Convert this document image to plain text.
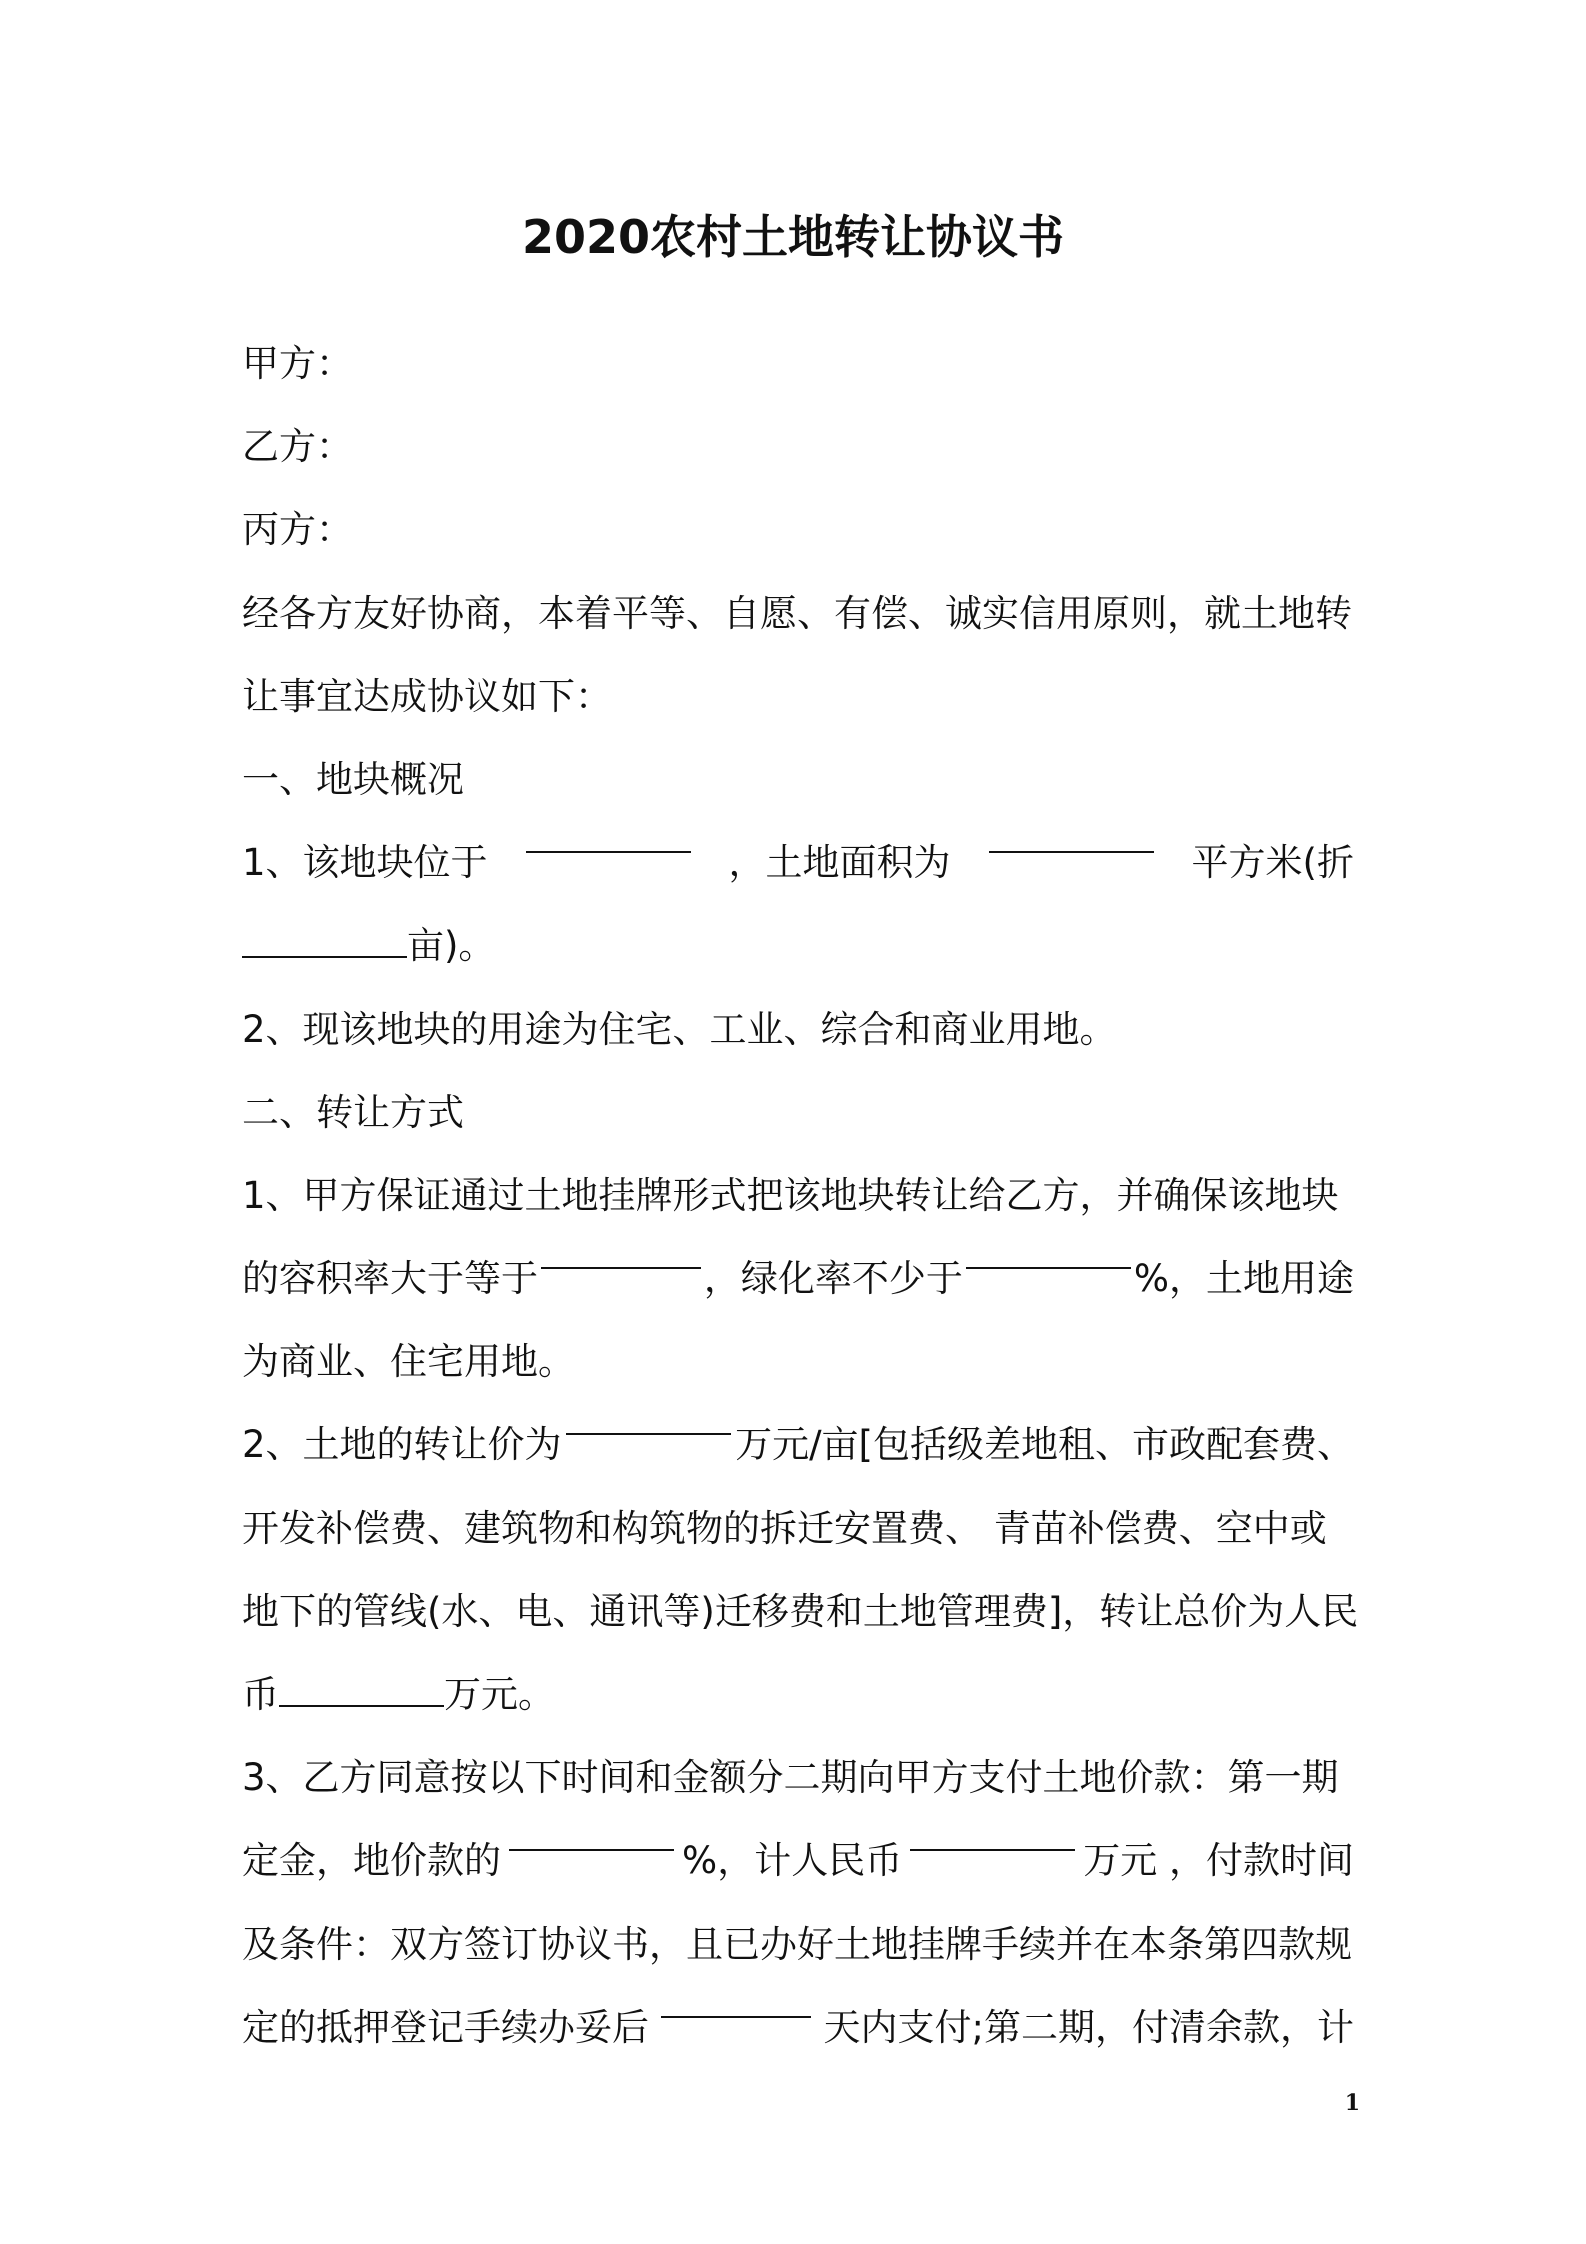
2020农村土地转让协议书
甲方：
乙方：
丙方：
经各方友好协商，本着平等、自愿、有偿、诚实信用原则，就土地转
让事宜达成协议如下：
一、地块概况
1、该地块位于	，土地面积为	平方米(折
亩)。
2、现该地块的用途为住宅、工业、综合和商业用地。
二、转让方式
1、甲方保证通过土地挂牌形式把该地块转让给乙方，并确保该地块
的容积率大于等于	，绿化率不少于	%，土地用途
为商业、住宅用地。
2、土地的转让价为	万元/亩[包括级差地租、市政配套费、
开发补偿费、建筑物和构筑物的拆迁安置费、 青苗补偿费、空中或
地下的管线(水、电、通讯等)迁移费和土地管理费]，转让总价为人民
币	万元。
3、乙方同意按以下时间和金额分二期向甲方支付土地价款：第一期
定金，地价款的	%，计人民币	万元 ，付款时间
及条件：双方签订协议书，且已办好土地挂牌手续并在本条第四款规
定的抵押登记手续办妥后	天内支付;第二期，付清余款，计
1
